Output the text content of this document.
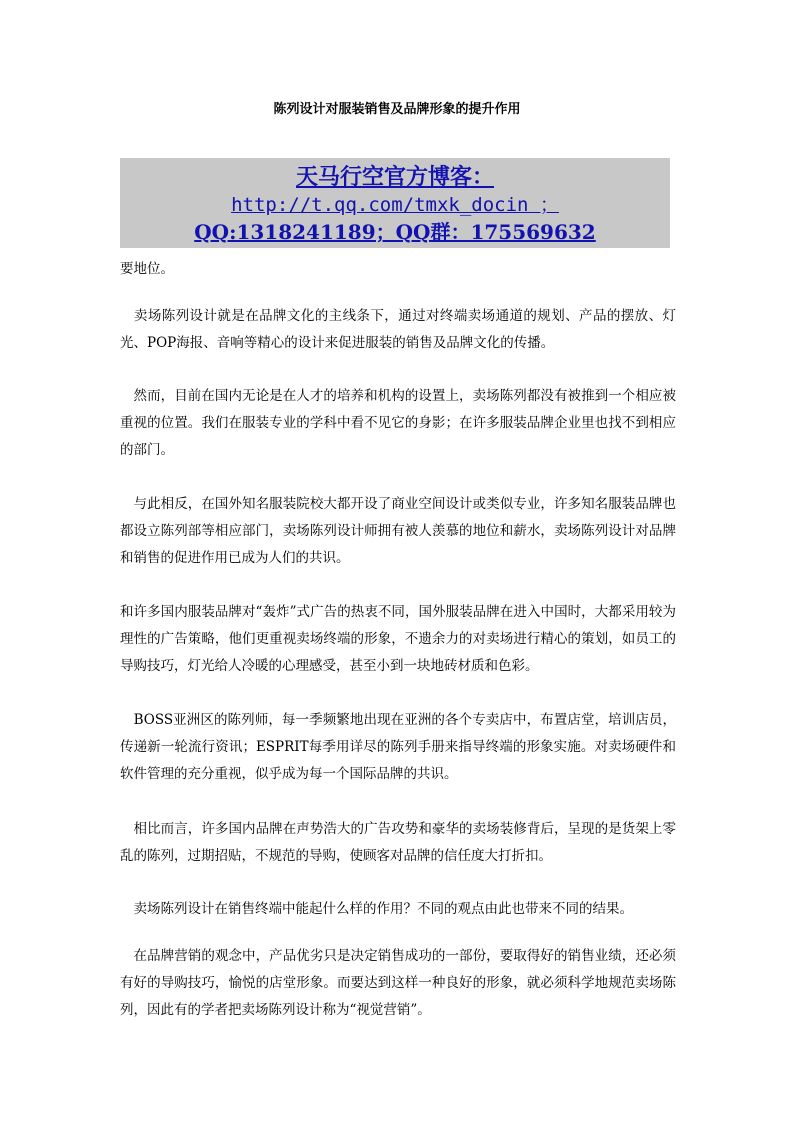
陈列设计对服装销售及品牌形象的提升作用
天马行空官方博客：
http://t.qq.com/tmxk_docin ；
QQ:1318241189；QQ群：175569632
要地位。
　卖场陈列设计就是在品牌文化的主线条下，通过对终端卖场通道的规划、产品的摆放、灯光、POP海报、音响等精心的设计来促进服装的销售及品牌文化的传播。
　然而，目前在国内无论是在人才的培养和机构的设置上，卖场陈列都没有被推到一个相应被重视的位置。我们在服装专业的学科中看不见它的身影；在许多服装品牌企业里也找不到相应的部门。
　与此相反，在国外知名服装院校大都开设了商业空间设计或类似专业，许多知名服装品牌也都设立陈列部等相应部门，卖场陈列设计师拥有被人羡慕的地位和薪水，卖场陈列设计对品牌和销售的促进作用已成为人们的共识。
和许多国内服装品牌对“轰炸”式广告的热衷不同，国外服装品牌在进入中国时，大都采用较为理性的广告策略，他们更重视卖场终端的形象，不遗余力的对卖场进行精心的策划，如员工的导购技巧，灯光给人冷暖的心理感受，甚至小到一块地砖材质和色彩。
　BOSS亚洲区的陈列师，每一季频繁地出现在亚洲的各个专卖店中，布置店堂，培训店员，传递新一轮流行资讯；ESPRIT每季用详尽的陈列手册来指导终端的形象实施。对卖场硬件和软件管理的充分重视，似乎成为每一个国际品牌的共识。
　相比而言，许多国内品牌在声势浩大的广告攻势和豪华的卖场装修背后，呈现的是货架上零乱的陈列，过期招贴，不规范的导购，使顾客对品牌的信任度大打折扣。
　卖场陈列设计在销售终端中能起什么样的作用？不同的观点由此也带来不同的结果。
　在品牌营销的观念中，产品优劣只是决定销售成功的一部份，要取得好的销售业绩，还必须有好的导购技巧，愉悦的店堂形象。而要达到这样一种良好的形象，就必须科学地规范卖场陈列，因此有的学者把卖场陈列设计称为“视觉营销”。
